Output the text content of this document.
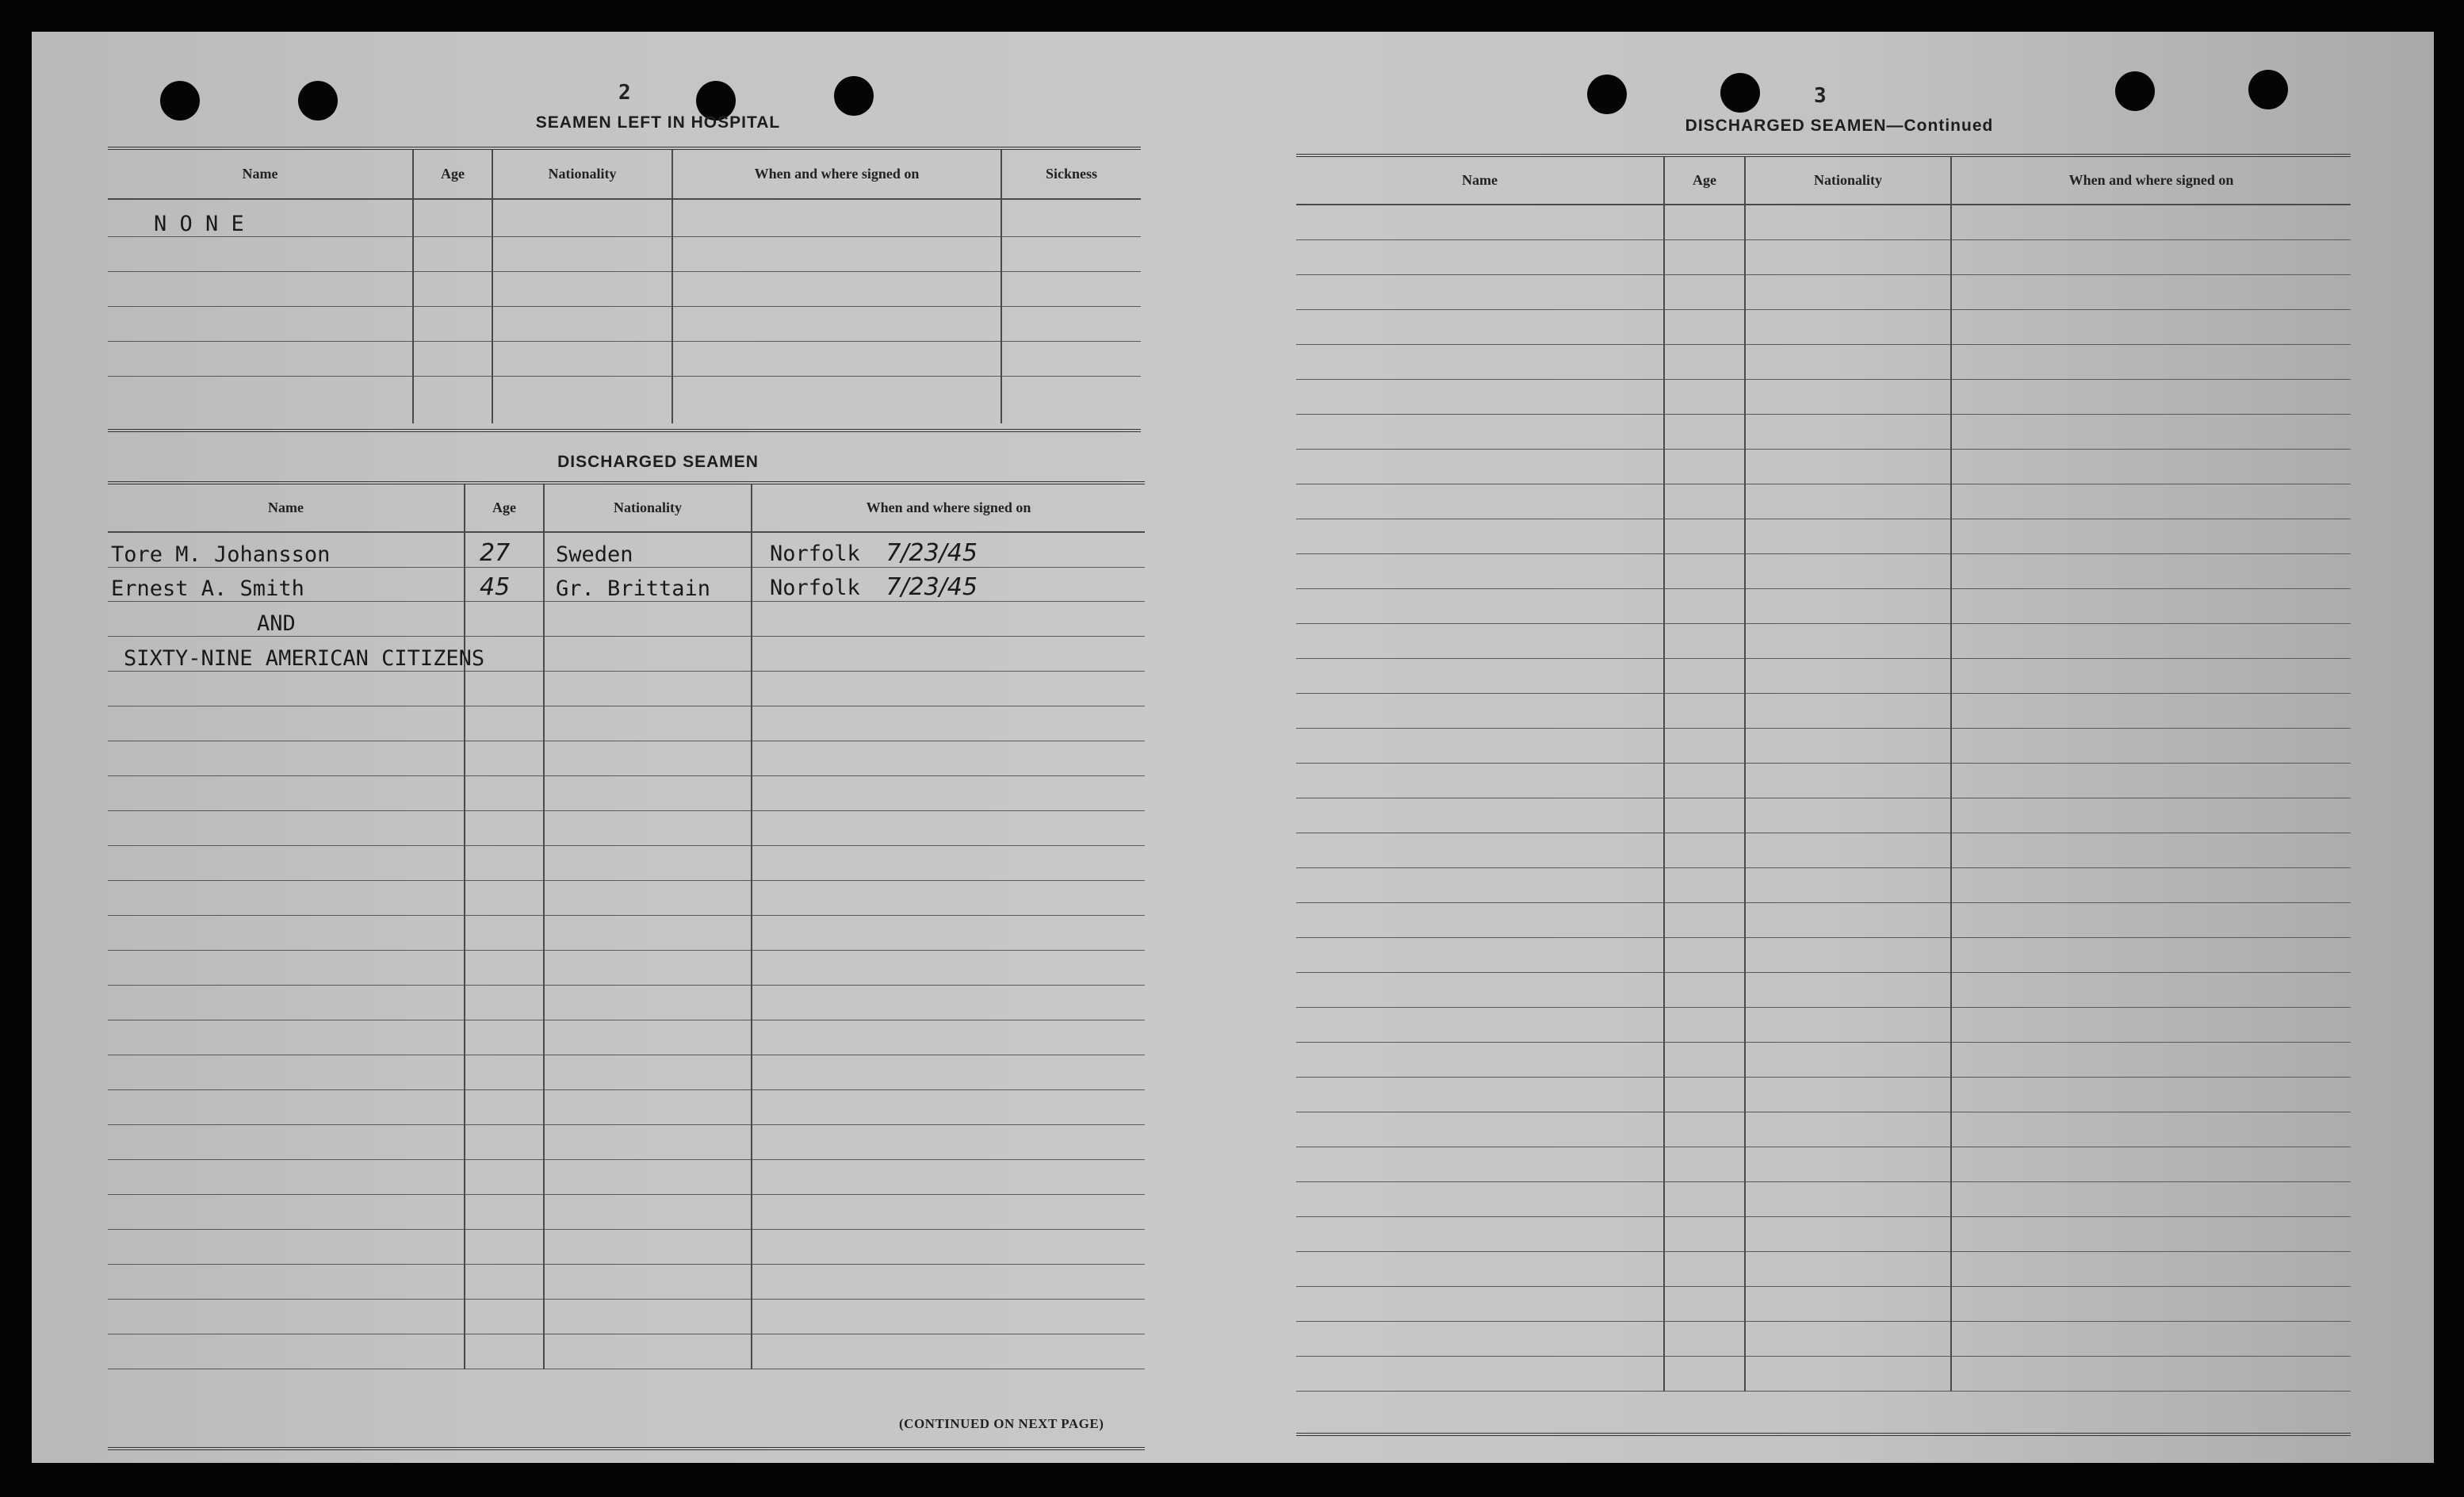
2
SEAMEN LEFT IN HOSPITAL
Name	Age	Nationality	When and where signed on	Sickness
N O N E				

DISCHARGED SEAMEN
Name	Age	Nationality	When and where signed on
Tore M. Johansson	27	Sweden	Norfolk 7/23/45
Ernest A. Smith	45	Gr. Brittain	Norfolk 7/23/45
AND			
SIXTY-NINE AMERICAN CITIZENS			

(CONTINUED ON NEXT PAGE)
3
DISCHARGED SEAMEN—Continued
Name	Age	Nationality	When and where signed on
